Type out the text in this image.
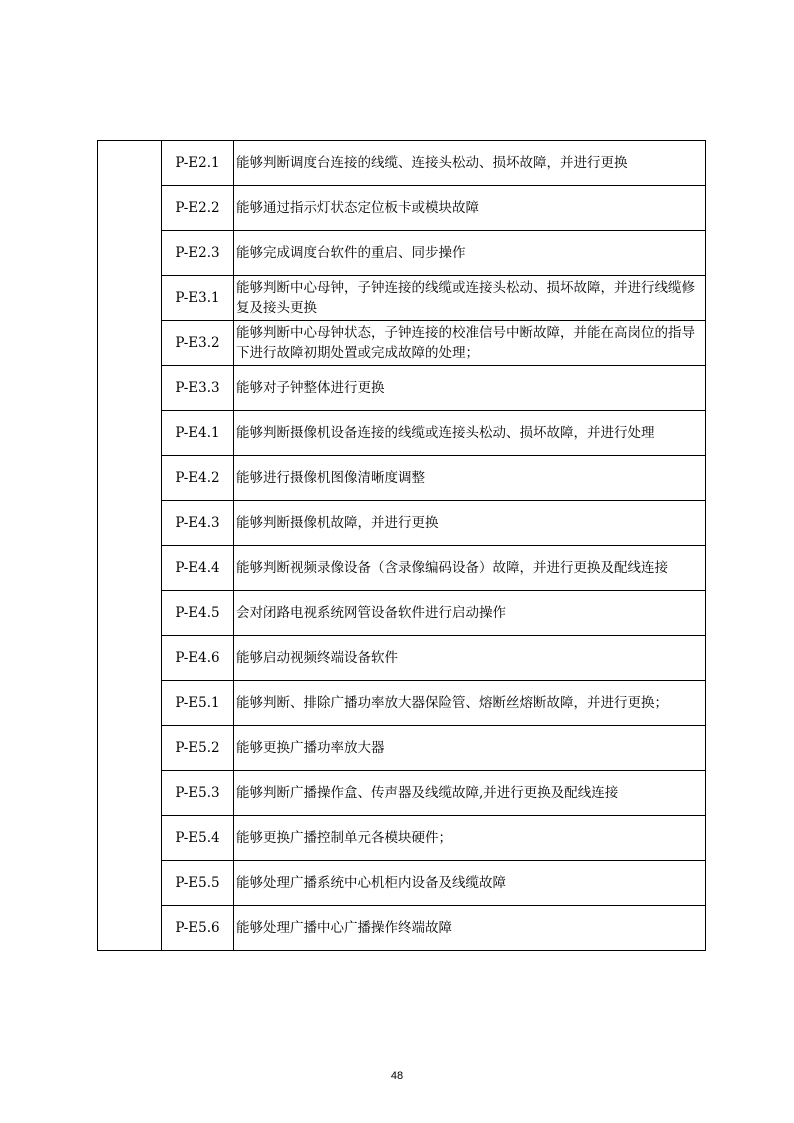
	P-E2.1	能够判断调度台连接的线缆、连接头松动、损坏故障，并进行更换
	P-E2.2	能够通过指示灯状态定位板卡或模块故障
	P-E2.3	能够完成调度台软件的重启、同步操作
	P-E3.1	能够判断中心母钟，子钟连接的线缆或连接头松动、损坏故障，并进行线缆修复及接头更换
	P-E3.2	能够判断中心母钟状态，子钟连接的校准信号中断故障，并能在高岗位的指导下进行故障初期处置或完成故障的处理；
	P-E3.3	能够对子钟整体进行更换
	P-E4.1	能够判断摄像机设备连接的线缆或连接头松动、损坏故障，并进行处理
	P-E4.2	能够进行摄像机图像清晰度调整
	P-E4.3	能够判断摄像机故障，并进行更换
	P-E4.4	能够判断视频录像设备（含录像编码设备）故障，并进行更换及配线连接
	P-E4.5	会对闭路电视系统网管设备软件进行启动操作
	P-E4.6	能够启动视频终端设备软件
	P-E5.1	能够判断、排除广播功率放大器保险管、熔断丝熔断故障，并进行更换；
	P-E5.2	能够更换广播功率放大器
	P-E5.3	能够判断广播操作盒、传声器及线缆故障,并进行更换及配线连接
	P-E5.4	能够更换广播控制单元各模块硬件；
	P-E5.5	能够处理广播系统中心机柜内设备及线缆故障
	P-E5.6	能够处理广播中心广播操作终端故障
48
